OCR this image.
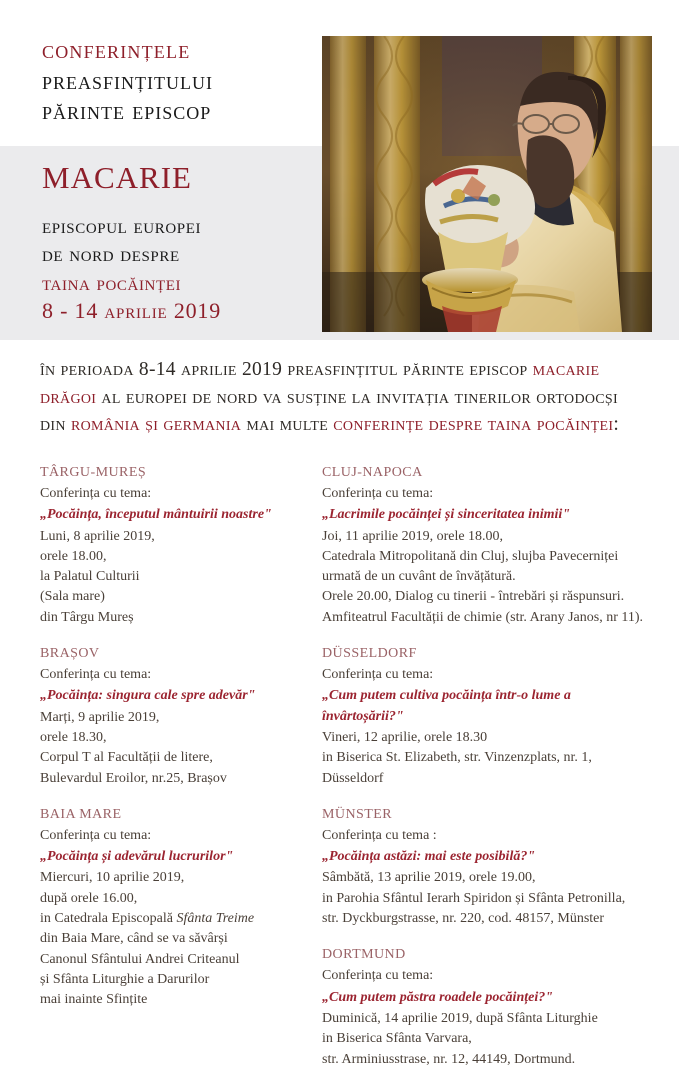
conferințele
preasfințitului
părinte episcop
macarie
episcopul europei
de nord despre
taina pocăinței
8 - 14 aprilie 2019
în perioada 8-14 aprilie 2019 preasfințitul părinte episcop macarie drăgoi al europei de nord va susține la invitația tinerilor ortodocși din românia și germania mai multe conferințe despre taina pocăinței:
TÂRGU-MUREȘ
Conferința cu tema:
„Pocăința, începutul mântuirii noastre"
Luni, 8 aprilie 2019,
orele 18.00,
la Palatul Culturii
(Sala mare)
din Târgu Mureș
BRAȘOV
Conferința cu tema:
„Pocăința: singura cale spre adevăr"
Marți, 9 aprilie 2019,
orele 18.30,
Corpul T al Facultății de litere,
Bulevardul Eroilor, nr.25, Brașov
BAIA MARE
Conferința cu tema:
„Pocăința și adevărul lucrurilor"
Miercuri, 10 aprilie 2019,
după orele 16.00,
in Catedrala Episcopală Sfânta Treime
din Baia Mare, când se va săvârși
Canonul Sfântului Andrei Criteanul
și Sfânta Liturghie a Darurilor
mai inainte Sfințite
CLUJ-NAPOCA
Conferința cu tema:
„Lacrimile pocăinței și sinceritatea inimii"
Joi, 11 aprilie 2019, orele 18.00,
Catedrala Mitropolitană din Cluj, slujba Pavecerniței
urmată de un cuvânt de învățătură.
Orele 20.00, Dialog cu tinerii - întrebări și răspunsuri.
Amfiteatrul Facultății de chimie (str. Arany Janos, nr 11).
DÜSSELDORF
Conferința cu tema:
„Cum putem cultiva pocăința într-o lume a învârtoșării?"
Vineri, 12 aprilie, orele 18.30
in Biserica St. Elizabeth, str. Vinzenzplats, nr. 1, Düsseldorf
MÜNSTER
Conferința cu tema :
„Pocăința astăzi: mai este posibilă?"
Sâmbătă, 13 aprilie 2019, orele 19.00,
in Parohia Sfântul Ierarh Spiridon și Sfânta Petronilla,
str. Dyckburgstrasse, nr. 220, cod. 48157, Münster
DORTMUND
Conferința cu tema:
„Cum putem păstra roadele pocăinței?"
Duminică, 14 aprilie 2019, după Sfânta Liturghie
in Biserica Sfânta Varvara,
str. Arminiusstrase, nr. 12, 44149, Dortmund.
